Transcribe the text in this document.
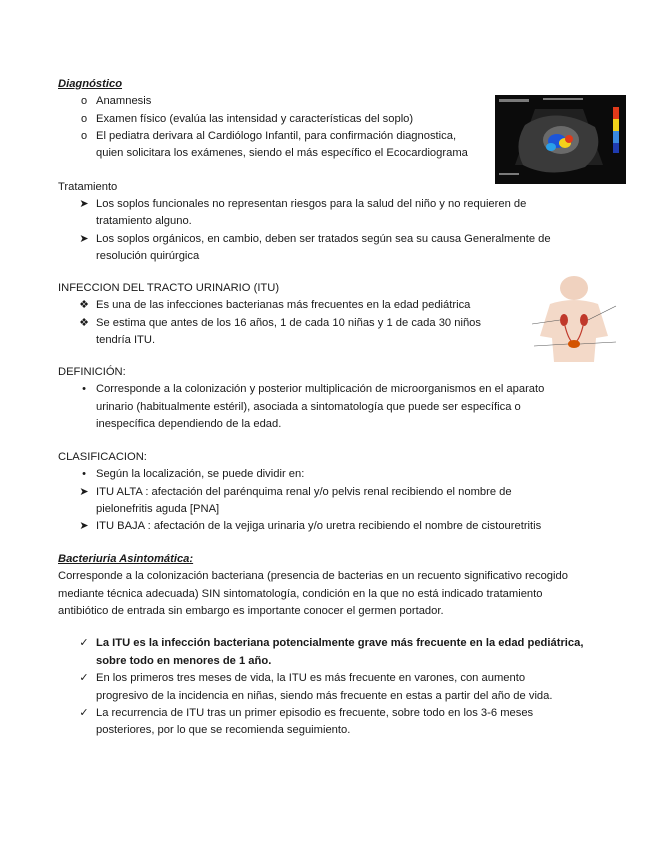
Diagnóstico
o Anamnesis
o Examen físico (evalúa las intensidad y características del soplo)
o El pediatra derivara al Cardiólogo Infantil, para confirmación diagnostica,
quien solicitara los exámenes, siendo el más específico el Ecocardiograma
Tratamiento
➤ Los soplos funcionales no representan riesgos para la salud del niño y no requieren de
tratamiento alguno.
➤ Los soplos orgánicos, en cambio, deben ser tratados según sea su causa Generalmente de
resolución quirúrgica
INFECCION DEL TRACTO URINARIO (ITU)
❖ Es una de las infecciones bacterianas más frecuentes en la edad pediátrica
❖ Se estima que antes de los 16 años, 1 de cada 10 niñas y 1 de cada 30 niños
tendría ITU.
DEFINICIÓN:
• Corresponde a la colonización y posterior multiplicación de microorganismos en el aparato
urinario (habitualmente estéril), asociada a sintomatología que puede ser específica o
inespecífica dependiendo de la edad.
CLASIFICACION:
• Según la localización, se puede dividir en:
➤ ITU ALTA : afectación del parénquima renal y/o pelvis renal recibiendo el nombre de
pielonefritis aguda [PNA]
➤ ITU BAJA : afectación de la vejiga urinaria y/o uretra recibiendo el nombre de cistouretritis
Bacteriuria Asintomática:
Corresponde a la colonización bacteriana (presencia de bacterias en un recuento significativo recogido
mediante técnica adecuada) SIN sintomatología, condición en la que no está indicado tratamiento
antibiótico de entrada sin embargo es importante conocer el germen portador.
✓ La ITU es la infección bacteriana potencialmente grave más frecuente en la edad pediátrica,
sobre todo en menores de 1 año.
✓ En los primeros tres meses de vida, la ITU es más frecuente en varones, con aumento
progresivo de la incidencia en niñas, siendo más frecuente en estas a partir del año de vida.
✓ La recurrencia de ITU tras un primer episodio es frecuente, sobre todo en los 3-6 meses
posteriores, por lo que se recomienda seguimiento.
